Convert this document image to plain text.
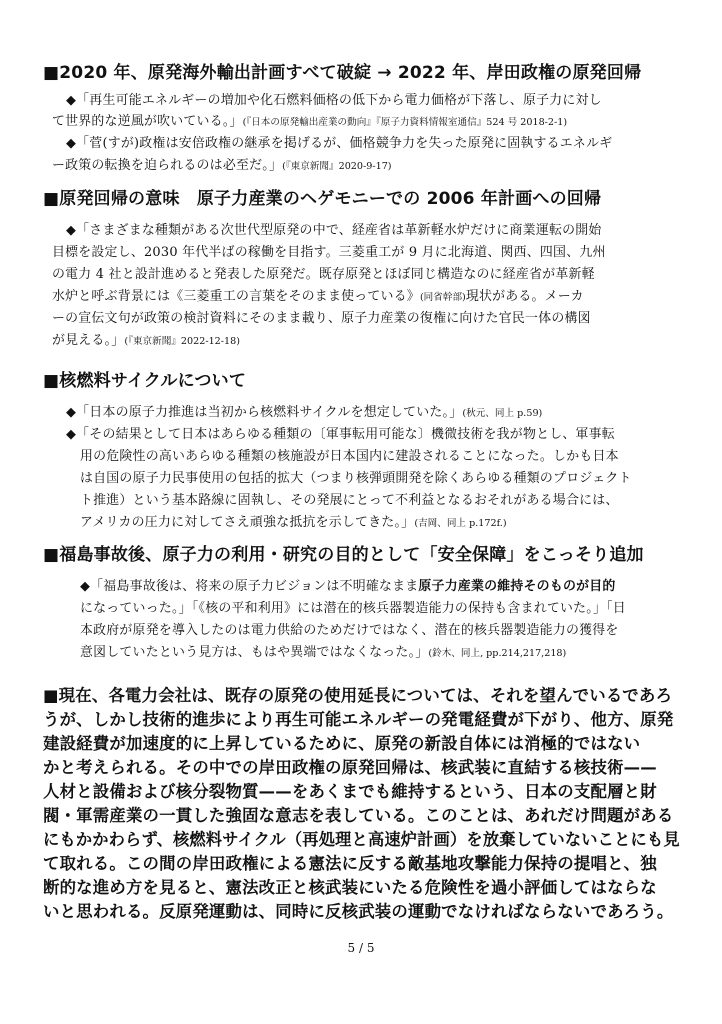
■2020 年、原発海外輸出計画すべて破綻 → 2022 年、岸田政権の原発回帰
◆「再生可能エネルギーの増加や化石燃料価格の低下から電力価格が下落し、原子力に対し
て世界的な逆風が吹いている。」(『日本の原発輸出産業の動向』『原子力資料情報室通信』524 号 2018-2-1)
◆「菅(すが)政権は安倍政権の継承を掲げるが、価格競争力を失った原発に固執するエネルギ
ー政策の転換を迫られるのは必至だ。」(『東京新聞』2020-9-17)
■原発回帰の意味　原子力産業のヘゲモニーでの 2006 年計画への回帰
◆「さまざまな種類がある次世代型原発の中で、経産省は革新軽水炉だけに商業運転の開始
目標を設定し、2030 年代半ばの稼働を目指す。三菱重工が 9 月に北海道、関西、四国、九州
の電力 4 社と設計進めると発表した原発だ。既存原発とほぼ同じ構造なのに経産省が革新軽
水炉と呼ぶ背景には《三菱重工の言葉をそのまま使っている》(同省幹部)現状がある。メーカ
ーの宣伝文句が政策の検討資料にそのまま載り、原子力産業の復権に向けた官民一体の構図
が見える。」(『東京新聞』2022-12-18)
■核燃料サイクルについて
◆「日本の原子力推進は当初から核燃料サイクルを想定していた。」(秋元、同上 p.59)
◆「その結果として日本はあらゆる種類の〔軍事転用可能な〕機微技術を我が物とし、軍事転
用の危険性の高いあらゆる種類の核施設が日本国内に建設されることになった。しかも日本
は自国の原子力民事使用の包括的拡大（つまり核弾頭開発を除くあらゆる種類のプロジェクト
ト推進）という基本路線に固執し、その発展にとって不利益となるおそれがある場合には、
アメリカの圧力に対してさえ頑強な抵抗を示してきた。」(吉岡、同上 p.172f.)
■福島事故後、原子力の利用・研究の目的として「安全保障」をこっそり追加
◆「福島事故後は、将来の原子力ビジョンは不明確なまま原子力産業の維持そのものが目的
になっていった。」「《核の平和利用》には潜在的核兵器製造能力の保持も含まれていた。」「日
本政府が原発を導入したのは電力供給のためだけではなく、潜在的核兵器製造能力の獲得を
意図していたという見方は、もはや異端ではなくなった。」(鈴木、同上, pp.214,217,218)
■現在、各電力会社は、既存の原発の使用延長については、それを望んでいるであろ
うが、しかし技術的進歩により再生可能エネルギーの発電経費が下がり、他方、原発
建設経費が加速度的に上昇しているために、原発の新設自体には消極的ではない
かと考えられる。その中での岸田政権の原発回帰は、核武装に直結する核技術——
人材と設備および核分裂物質——をあくまでも維持するという、日本の支配層と財
閥・軍需産業の一貫した強固な意志を表している。このことは、あれだけ問題がある
にもかかわらず、核燃料サイクル（再処理と高速炉計画）を放棄していないことにも見
て取れる。この間の岸田政権による憲法に反する敵基地攻撃能力保持の提唱と、独
断的な進め方を見ると、憲法改正と核武装にいたる危険性を過小評価してはならな
いと思われる。反原発運動は、同時に反核武装の運動でなければならないであろう。
5 / 5
